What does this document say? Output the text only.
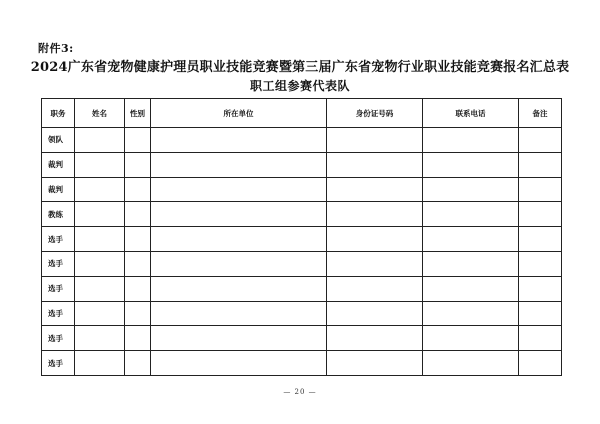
附件3:
2024广东省宠物健康护理员职业技能竞赛暨第三届广东省宠物行业职业技能竞赛报名汇总表
职工组参赛代表队
职务	姓名	性别	所在单位	身份证号码	联系电话	备注
领队						
裁判						
裁判						
教练						
选手						
选手						
选手						
选手						
选手						
选手						
— 20 —
